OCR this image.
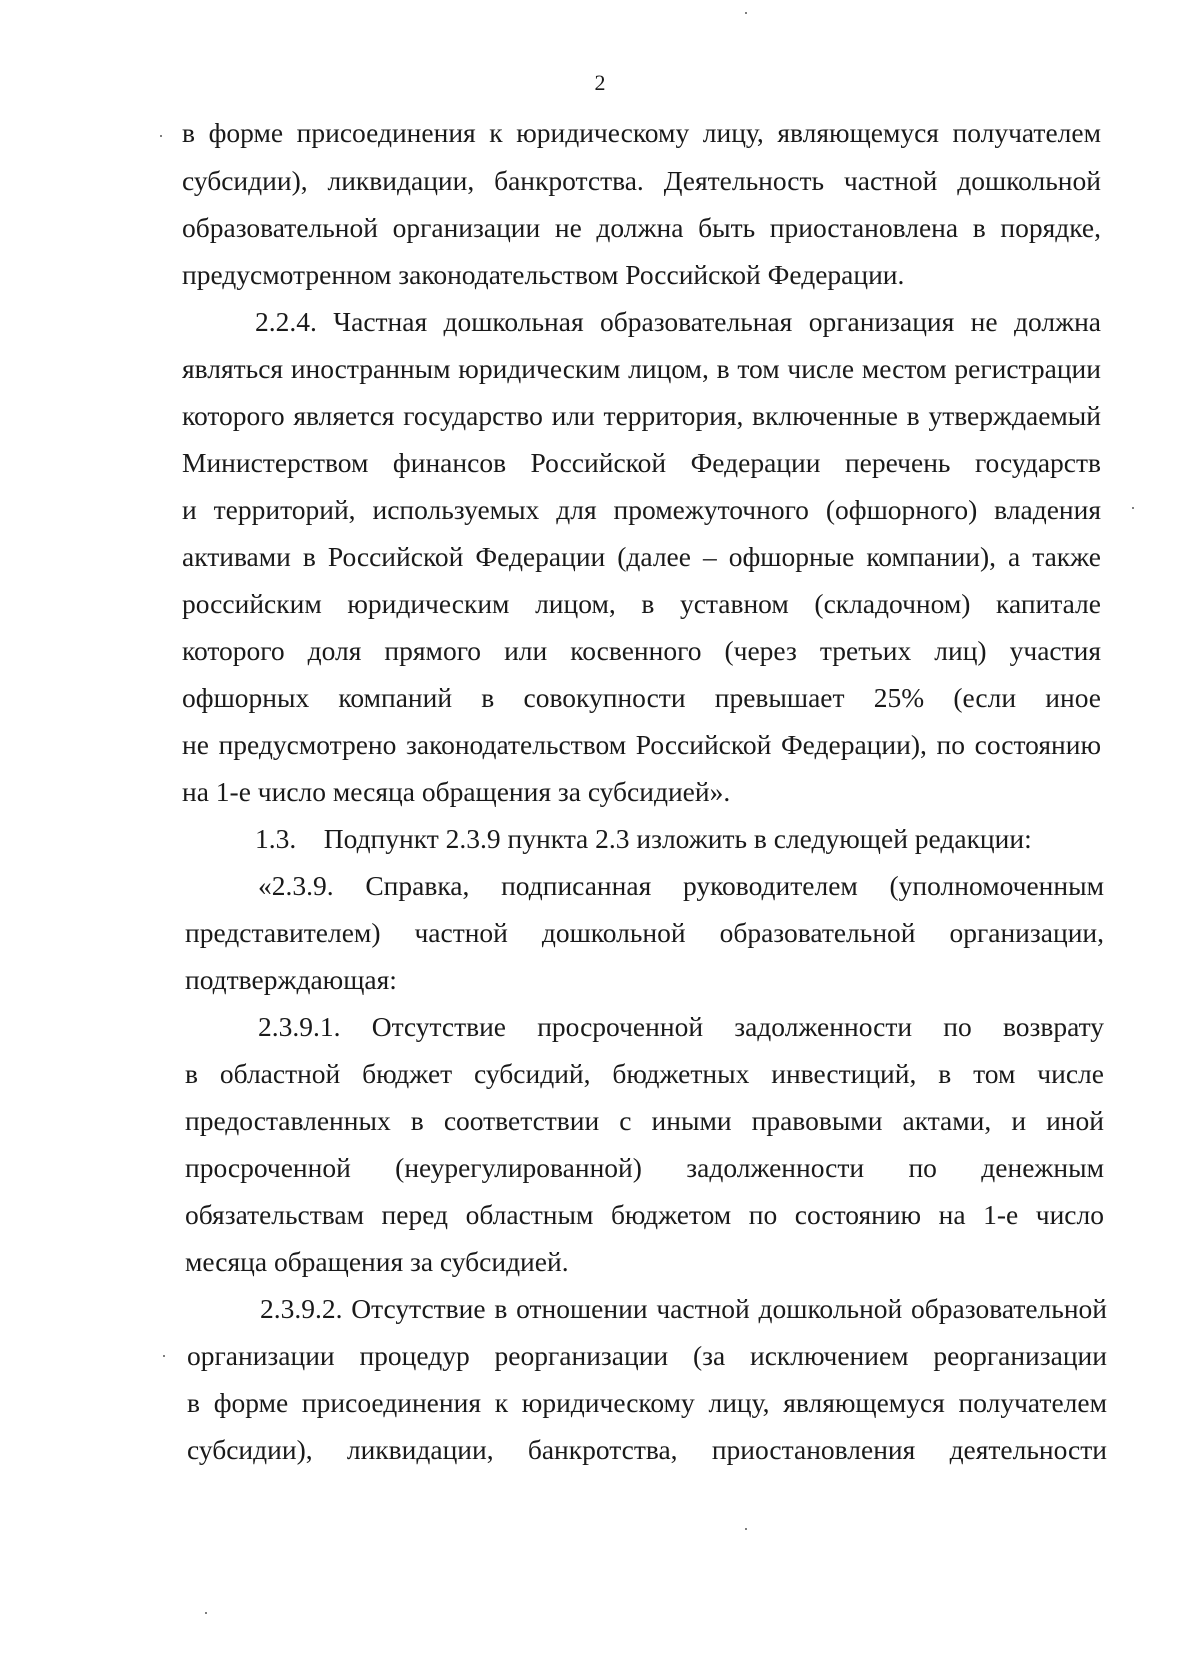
2
в форме присоединения к юридическому лицу, являющемуся получателем
субсидии), ликвидации, банкротства. Деятельность частной дошкольной
образовательной организации не должна быть приостановлена в порядке,
предусмотренном законодательством Российской Федерации.
2.2.4. Частная дошкольная образовательная организация не должна
являться иностранным юридическим лицом, в том числе местом регистрации
которого является государство или территория, включенные в утверждаемый
Министерством финансов Российской Федерации перечень государств
и территорий, используемых для промежуточного (офшорного) владения
активами в Российской Федерации (далее – офшорные компании), а также
российским юридическим лицом, в уставном (складочном) капитале
которого доля прямого или косвенного (через третьих лиц) участия
офшорных компаний в совокупности превышает 25% (если иное
не предусмотрено законодательством Российской Федерации), по состоянию
на 1-е число месяца обращения за субсидией».
1.3.    Подпункт 2.3.9 пункта 2.3 изложить в следующей редакции:
«2.3.9. Справка, подписанная руководителем (уполномоченным
представителем) частной дошкольной образовательной организации,
подтверждающая:
2.3.9.1. Отсутствие просроченной задолженности по возврату
в областной бюджет субсидий, бюджетных инвестиций, в том числе
предоставленных в соответствии с иными правовыми актами, и иной
просроченной (неурегулированной) задолженности по денежным
обязательствам перед областным бюджетом по состоянию на 1-е число
месяца обращения за субсидией.
2.3.9.2. Отсутствие в отношении частной дошкольной образовательной
организации процедур реорганизации (за исключением реорганизации
в форме присоединения к юридическому лицу, являющемуся получателем
субсидии), ликвидации, банкротства, приостановления деятельности
